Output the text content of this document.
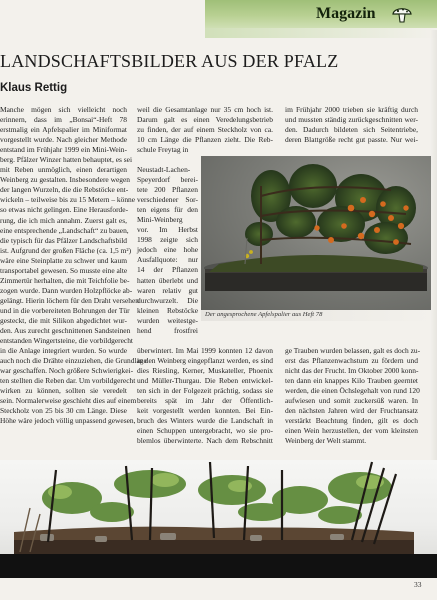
Magazin
LANDSCHAFTSBILDER AUS DER PFALZ
Klaus Rettig
Manche mögen sich vielleicht noch
erinnern, dass im „Bonsai“-Heft 78
erstmalig ein Apfelspalier im Miniformat
vorgestellt wurde. Nach gleicher Methode
entstand im Frühjahr 1999 ein Mini-Wein-
berg. Pfälzer Winzer hatten behauptet, es sei
mit Reben unmöglich, einen derartigen
Weinberg zu gestalten. Insbesondere wegen
der langen Wurzeln, die die Rebstöcke ent-
wickeln – teilweise bis zu 15 Metern – könne
so etwas nicht gelingen. Eine Herausforde-
rung, die ich mich annahm. Zuerst galt es,
eine entsprechende „Landschaft“ zu bauen,
die typisch für das Pfälzer Landschaftsbild
ist. Aufgrund der großen Fläche (ca. 1,5 m²)
wäre eine Steinplatte zu schwer und kaum
transportabel gewesen. So musste eine alte
Zimmertür herhalten, die mit Teichfolie be-
zogen wurde. Dann wurden Holzpflöcke ab-
gelängt. Hierin löchern für den Draht versehen
und in die vorbereiteten Bohrungen der Tür
gesteckt, die mit Silikon abgedichtet wur-
den. Aus zurecht geschnittenen Sandsteinen
entstanden Wingertsteine, die vorbildgerecht
in die Anlage integriert wurden. So wurde
auch noch die Drähte einzuziehen, die Grundlage
war geschaffen. Noch größere Schwierigkei-
ten stellten die Reben dar. Um vorbildgerecht
wirken zu können, sollten sie veredelt
sein. Normalerweise geschieht dies auf einem
Steckholz von 25 bis 30 cm Länge. Diese
Höhe wäre jedoch völlig unpassend gewesen,
weil die Gesamtanlage nur 35 cm hoch ist.
Darum galt es einen Veredelungsbetrieb
zu finden, der auf einem Steckholz von ca.
10 cm Länge die Pflanzen zieht. Die Reb-
schule Freytag in
Neustadt-Lachen-
Speyerdorf berei-
tete 200 Pflanzen
verschiedener Sor-
ten eigens für den
Mini-Weinberg
vor. Im Herbst
1998 zeigte sich
jedoch eine hohe
Ausfallquote: nur
14 der Pflanzen
hatten überlebt und
waren relativ gut
durchwurzelt. Die
kleinen Rebstöcke
wurden weitestge-
hend frostfrei
überwintert. Im Mai 1999 konnten 12 davon
in den Weinberg eingepflanzt werden, es sind
dies Riesling, Kerner, Muskateller, Phoenix
und Müller-Thurgau. Die Reben entwickel-
ten sich in der Folgezeit prächtig, sodass sie
bereits spät im Jahr der Öffentlich-
keit vorgestellt werden konnten. Bei Ein-
bruch des Winters wurde die Landschaft in
einen Schuppen untergebracht, wo sie pro-
blemlos überwinterte. Nach dem Rebschnitt
im Frühjahr 2000 trieben sie kräftig durch
und mussten ständig zurückgeschnitten wer-
den. Dadurch bildeten sich Seitentriebe,
deren Blattgröße recht gut passte. Nur wei-
ge Trauben wurden belassen, galt es doch zu-
erst das Pflanzenwachstum zu fördern und
nicht das der Frucht. Im Oktober 2000 konn-
ten dann ein knappes Kilo Trauben geerntet
werden, die einen Öchslegehalt von rund 120
aufwiesen und somit zuckersüß waren. In
den nächsten Jahren wird der Fruchtansatz
verstärkt Beachtung finden, gilt es doch
einen Wein herzustellen, der vom kleinsten
Weinberg der Welt stammt.
Der angesprochene Apfelspalier aus Heft 78
33
